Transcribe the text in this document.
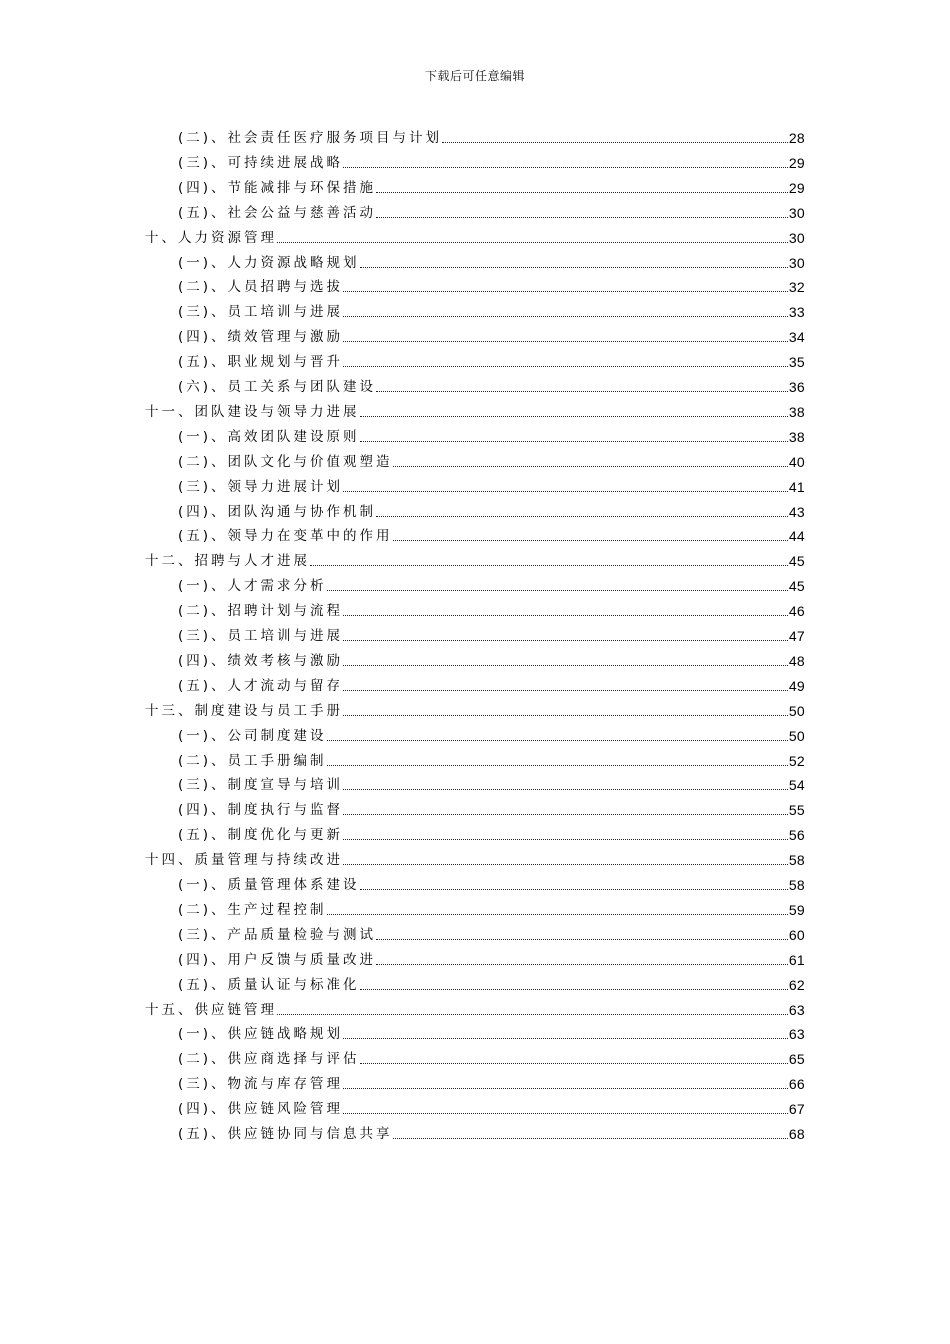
下载后可任意编辑
(二)、社会责任医疗服务项目与计划	28
(三)、可持续进展战略	29
(四)、节能减排与环保措施	29
(五)、社会公益与慈善活动	30
十、人力资源管理	30
(一)、人力资源战略规划	30
(二)、人员招聘与选拔	32
(三)、员工培训与进展	33
(四)、绩效管理与激励	34
(五)、职业规划与晋升	35
(六)、员工关系与团队建设	36
十一、团队建设与领导力进展	38
(一)、高效团队建设原则	38
(二)、团队文化与价值观塑造	40
(三)、领导力进展计划	41
(四)、团队沟通与协作机制	43
(五)、领导力在变革中的作用	44
十二、招聘与人才进展	45
(一)、人才需求分析	45
(二)、招聘计划与流程	46
(三)、员工培训与进展	47
(四)、绩效考核与激励	48
(五)、人才流动与留存	49
十三、制度建设与员工手册	50
(一)、公司制度建设	50
(二)、员工手册编制	52
(三)、制度宣导与培训	54
(四)、制度执行与监督	55
(五)、制度优化与更新	56
十四、质量管理与持续改进	58
(一)、质量管理体系建设	58
(二)、生产过程控制	59
(三)、产品质量检验与测试	60
(四)、用户反馈与质量改进	61
(五)、质量认证与标准化	62
十五、供应链管理	63
(一)、供应链战略规划	63
(二)、供应商选择与评估	65
(三)、物流与库存管理	66
(四)、供应链风险管理	67
(五)、供应链协同与信息共享	68
